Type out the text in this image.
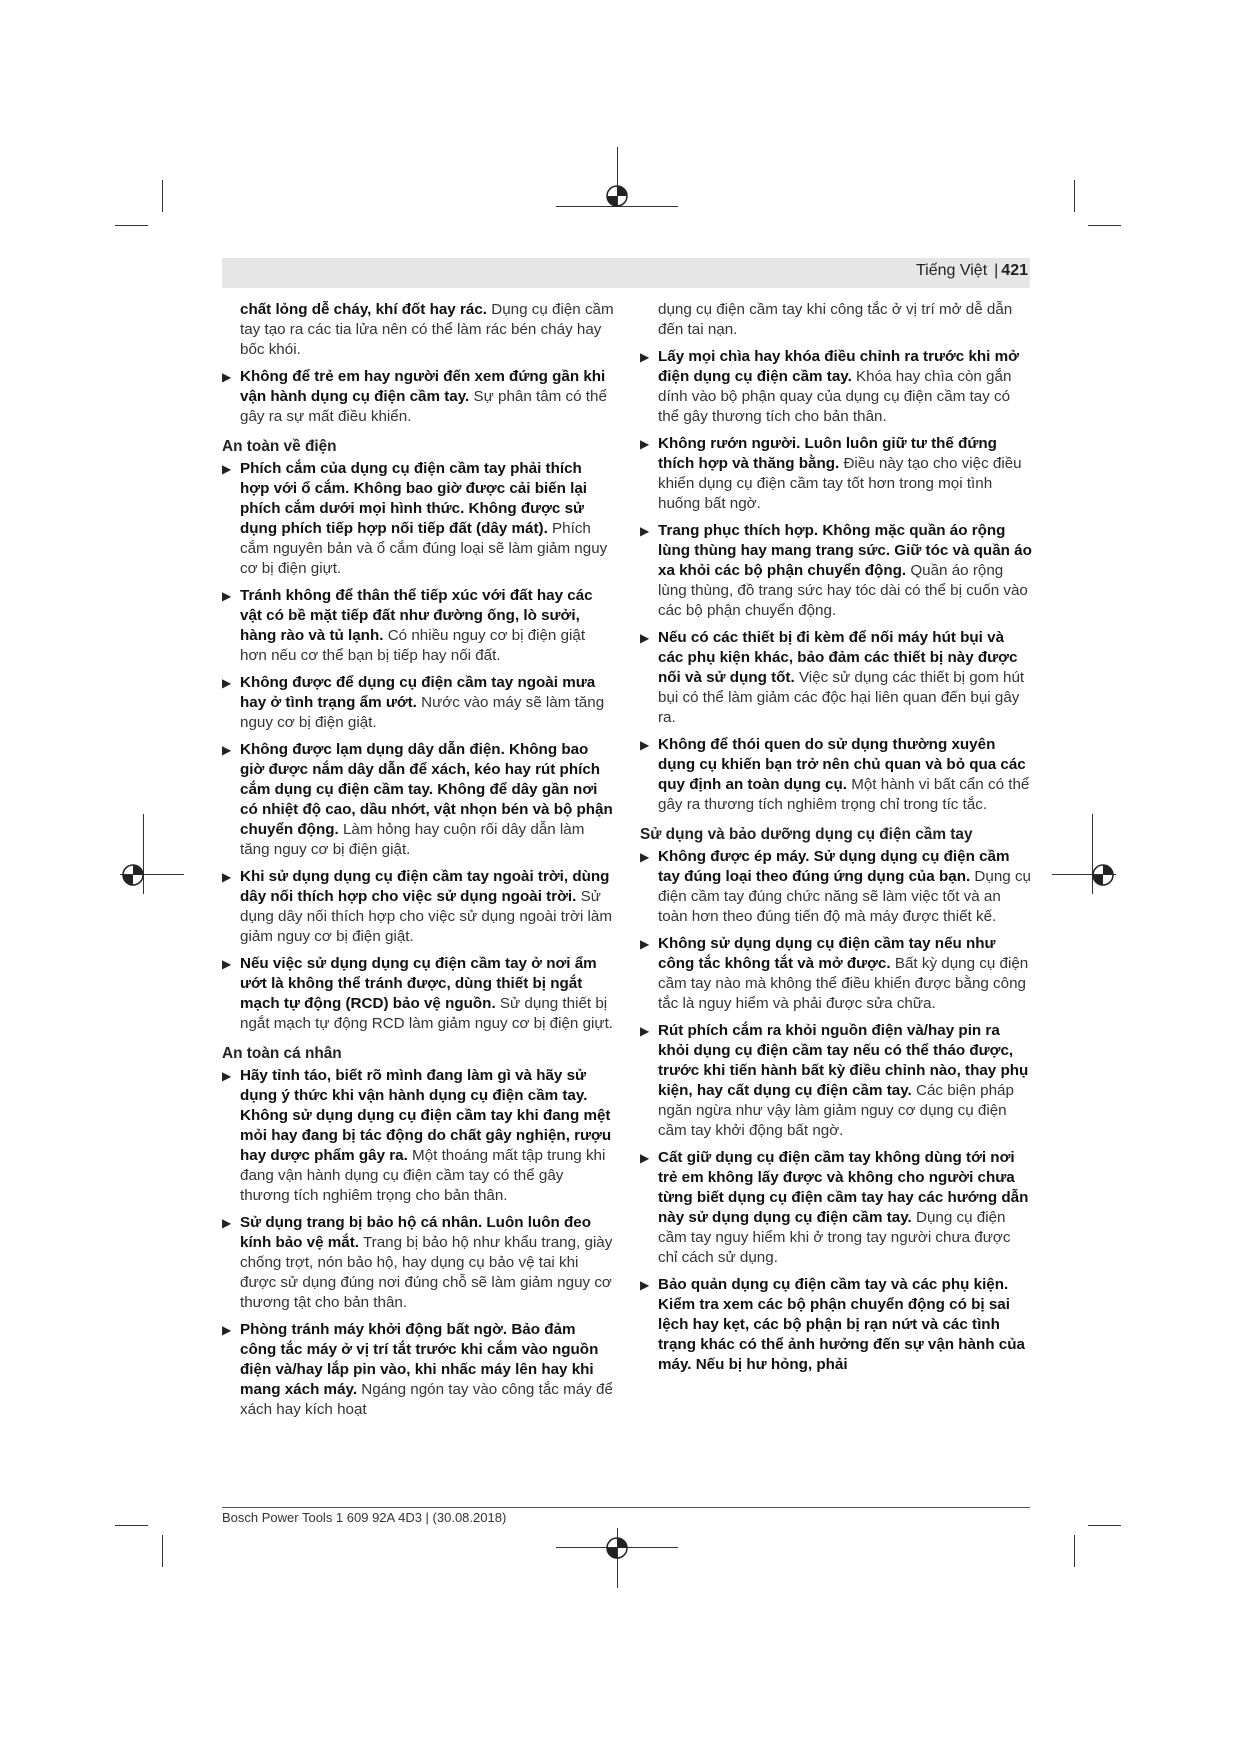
Tiếng Việt | 421
chất lỏng dễ cháy, khí đốt hay rác. Dụng cụ điện cầm tay tạo ra các tia lửa nên có thể làm rác bén cháy hay bốc khói.
▶ Không để trẻ em hay người đến xem đứng gần khi vận hành dụng cụ điện cầm tay. Sự phân tâm có thể gây ra sự mất điều khiển.
An toàn về điện
▶ Phích cắm của dụng cụ điện cầm tay phải thích hợp với ổ cắm. Không bao giờ được cải biến lại phích cắm dưới mọi hình thức. Không được sử dụng phích tiếp hợp nối tiếp đất (dây mát). Phích cắm nguyên bản và ổ cắm đúng loại sẽ làm giảm nguy cơ bị điện giựt.
▶ Tránh không để thân thể tiếp xúc với đất hay các vật có bề mặt tiếp đất như đường ống, lò sưởi, hàng rào và tủ lạnh. Có nhiều nguy cơ bị điện giật hơn nếu cơ thể bạn bị tiếp hay nối đất.
▶ Không được để dụng cụ điện cầm tay ngoài mưa hay ở tình trạng ẩm ướt. Nước vào máy sẽ làm tăng nguy cơ bị điện giật.
▶ Không được lạm dụng dây dẫn điện. Không bao giờ được nắm dây dẫn để xách, kéo hay rút phích cắm dụng cụ điện cầm tay. Không để dây gần nơi có nhiệt độ cao, dầu nhớt, vật nhọn bén và bộ phận chuyển động. Làm hỏng hay cuộn rối dây dẫn làm tăng nguy cơ bị điện giật.
▶ Khi sử dụng dụng cụ điện cầm tay ngoài trời, dùng dây nối thích hợp cho việc sử dụng ngoài trời. Sử dụng dây nối thích hợp cho việc sử dụng ngoài trời làm giảm nguy cơ bị điện giật.
▶ Nếu việc sử dụng dụng cụ điện cầm tay ở nơi ẩm ướt là không thể tránh được, dùng thiết bị ngắt mạch tự động (RCD) bảo vệ nguồn. Sử dụng thiết bị ngắt mạch tự động RCD làm giảm nguy cơ bị điện giựt.
An toàn cá nhân
▶ Hãy tỉnh táo, biết rõ mình đang làm gì và hãy sử dụng ý thức khi vận hành dụng cụ điện cầm tay. Không sử dụng dụng cụ điện cầm tay khi đang mệt mỏi hay đang bị tác động do chất gây nghiện, rượu hay dược phẩm gây ra. Một thoáng mất tập trung khi đang vận hành dụng cụ điện cầm tay có thể gây thương tích nghiêm trọng cho bản thân.
▶ Sử dụng trang bị bảo hộ cá nhân. Luôn luôn đeo kính bảo vệ mắt. Trang bị bảo hộ như khẩu trang, giày chống trợt, nón bảo hộ, hay dụng cụ bảo vệ tai khi được sử dụng đúng nơi đúng chỗ sẽ làm giảm nguy cơ thương tật cho bản thân.
▶ Phòng tránh máy khởi động bất ngờ. Bảo đảm công tắc máy ở vị trí tắt trước khi cắm vào nguồn điện và/hay lắp pin vào, khi nhấc máy lên hay khi mang xách máy. Ngáng ngón tay vào công tắc máy để xách hay kích hoạt
dụng cụ điện cầm tay khi công tắc ở vị trí mở dễ dẫn đến tai nạn.
▶ Lấy mọi chìa hay khóa điều chỉnh ra trước khi mở điện dụng cụ điện cầm tay. Khóa hay chìa còn gắn dính vào bộ phận quay của dụng cụ điện cầm tay có thể gây thương tích cho bản thân.
▶ Không rướn người. Luôn luôn giữ tư thế đứng thích hợp và thăng bằng. Điều này tạo cho việc điều khiển dụng cụ điện cầm tay tốt hơn trong mọi tình huống bất ngờ.
▶ Trang phục thích hợp. Không mặc quần áo rộng lùng thùng hay mang trang sức. Giữ tóc và quần áo xa khỏi các bộ phận chuyển động. Quần áo rộng lùng thùng, đồ trang sức hay tóc dài có thể bị cuốn vào các bộ phận chuyển động.
▶ Nếu có các thiết bị đi kèm để nối máy hút bụi và các phụ kiện khác, bảo đảm các thiết bị này được nối và sử dụng tốt. Việc sử dụng các thiết bị gom hút bụi có thể làm giảm các độc hại liên quan đến bụi gây ra.
▶ Không để thói quen do sử dụng thường xuyên dụng cụ khiến bạn trở nên chủ quan và bỏ qua các quy định an toàn dụng cụ. Một hành vi bất cẩn có thể gây ra thương tích nghiêm trọng chỉ trong tíc tắc.
Sử dụng và bảo dưỡng dụng cụ điện cầm tay
▶ Không được ép máy. Sử dụng dụng cụ điện cầm tay đúng loại theo đúng ứng dụng của bạn. Dụng cụ điện cầm tay đúng chức năng sẽ làm việc tốt và an toàn hơn theo đúng tiến độ mà máy được thiết kế.
▶ Không sử dụng dụng cụ điện cầm tay nếu như công tắc không tắt và mở được. Bất kỳ dụng cụ điện cầm tay nào mà không thể điều khiển được bằng công tắc là nguy hiểm và phải được sửa chữa.
▶ Rút phích cắm ra khỏi nguồn điện và/hay pin ra khỏi dụng cụ điện cầm tay nếu có thể tháo được, trước khi tiến hành bất kỳ điều chỉnh nào, thay phụ kiện, hay cất dụng cụ điện cầm tay. Các biện pháp ngăn ngừa như vậy làm giảm nguy cơ dụng cụ điện cầm tay khởi động bất ngờ.
▶ Cất giữ dụng cụ điện cầm tay không dùng tới nơi trẻ em không lấy được và không cho người chưa từng biết dụng cụ điện cầm tay hay các hướng dẫn này sử dụng dụng cụ điện cầm tay. Dụng cụ điện cầm tay nguy hiểm khi ở trong tay người chưa được chỉ cách sử dụng.
▶ Bảo quản dụng cụ điện cầm tay và các phụ kiện. Kiểm tra xem các bộ phận chuyển động có bị sai lệch hay kẹt, các bộ phận bị rạn nứt và các tình trạng khác có thể ảnh hưởng đến sự vận hành của máy. Nếu bị hư hỏng, phải
Bosch Power Tools 1 609 92A 4D3 | (30.08.2018)
